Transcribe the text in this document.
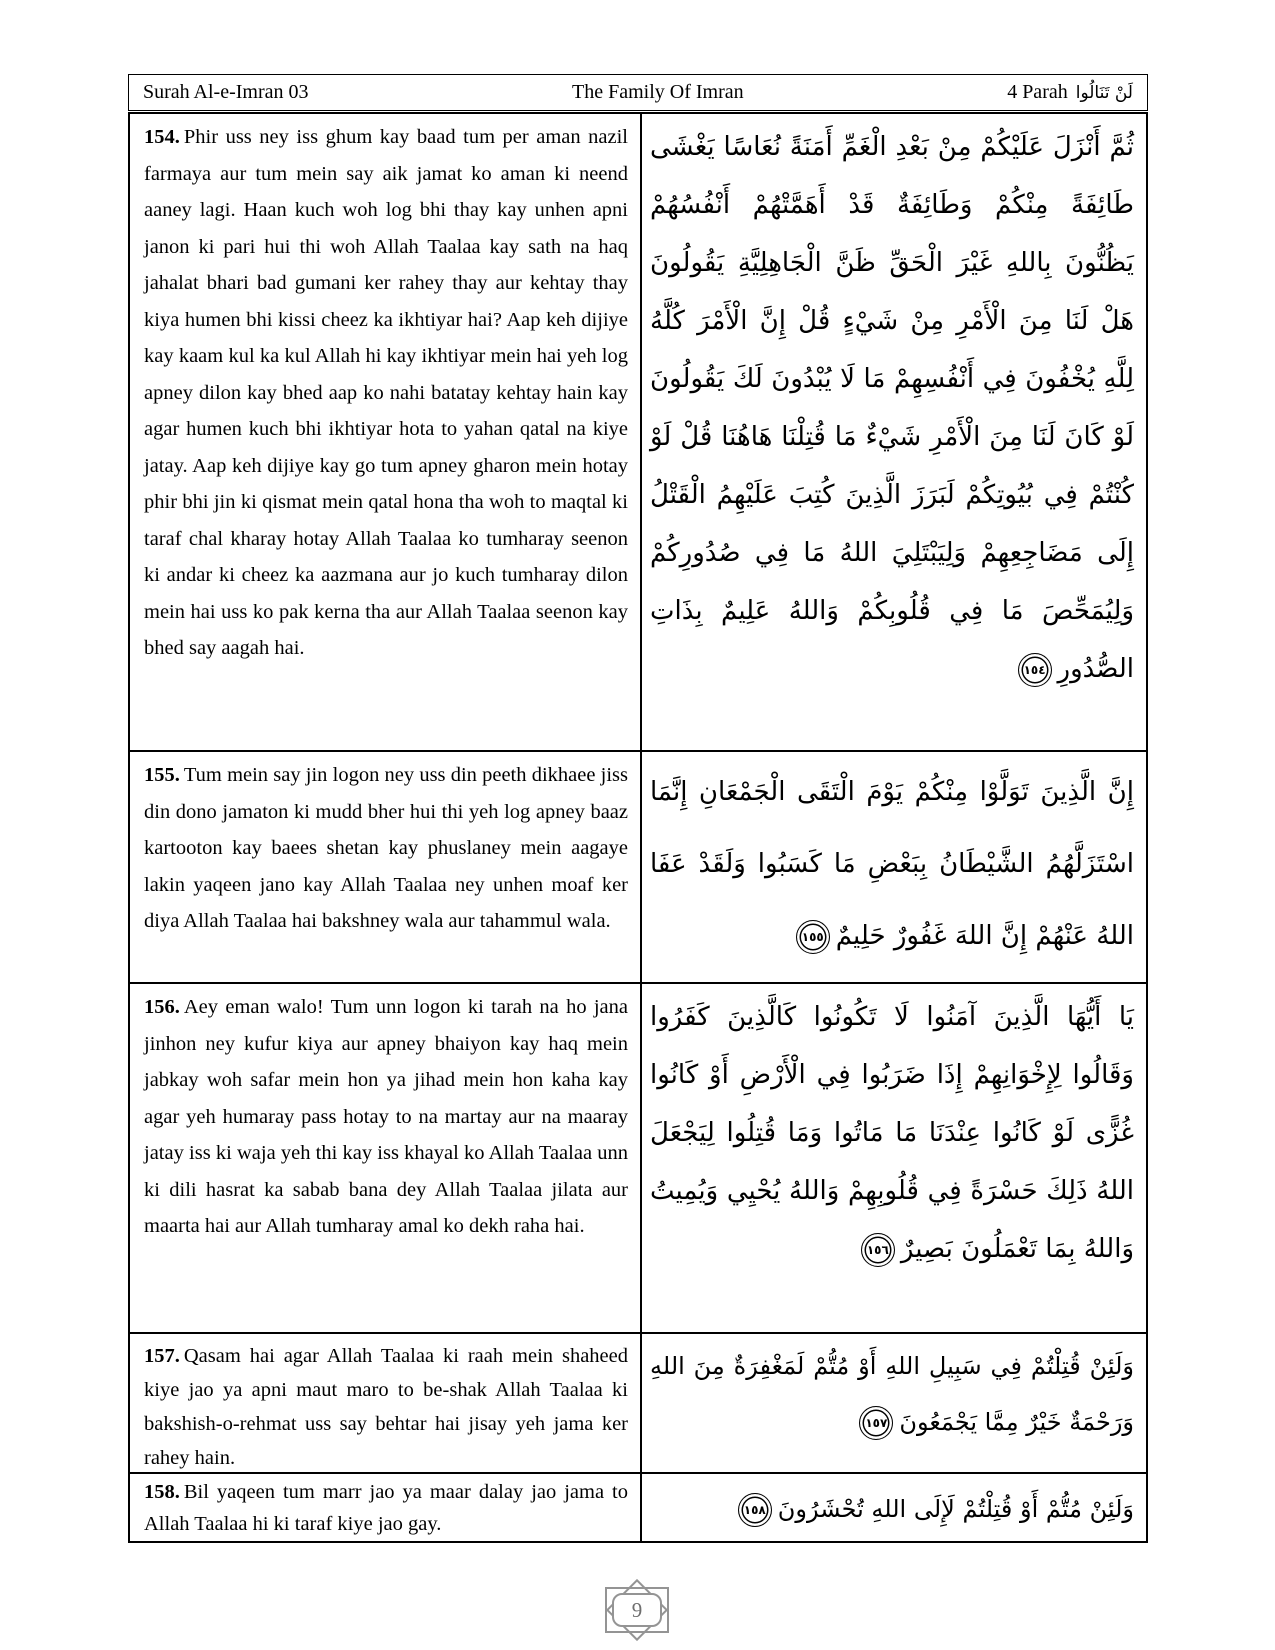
Surah Al-e-Imran 03	The Family Of Imran	4 Parah لَنْ تَنَالُوا

154. Phir uss ney iss ghum kay baad tum per aman nazil farmaya aur tum mein say aik jamat ko aman ki neend aaney lagi. Haan kuch woh log bhi thay kay unhen apni janon ki pari hui thi woh Allah Taalaa kay sath na haq jahalat bhari bad gumani ker rahey thay aur kehtay thay kiya humen bhi kissi cheez ka ikhtiyar hai? Aap keh dijiye kay kaam kul ka kul Allah hi kay ikhtiyar mein hai yeh log apney dilon kay bhed aap ko nahi batatay kehtay hain kay agar humen kuch bhi ikhtiyar hota to yahan qatal na kiye jatay. Aap keh dijiye kay go tum apney gharon mein hotay phir bhi jin ki qismat mein qatal hona tha woh to maqtal ki taraf chal kharay hotay Allah Taalaa ko tumharay seenon ki andar ki cheez ka aazmana aur jo kuch tumharay dilon mein hai uss ko pak kerna tha aur Allah Taalaa seenon kay bhed say aagah hai.

ثُمَّ أَنْزَلَ عَلَيْكُمْ مِنْ بَعْدِ الْغَمِّ أَمَنَةً نُعَاسًا يَغْشَى طَائِفَةً مِنْكُمْ وَطَائِفَةٌ قَدْ أَهَمَّتْهُمْ أَنْفُسُهُمْ يَظُنُّونَ بِاللهِ غَيْرَ الْحَقِّ ظَنَّ الْجَاهِلِيَّةِ يَقُولُونَ هَلْ لَنَا مِنَ الْأَمْرِ مِنْ شَيْءٍ قُلْ إِنَّ الْأَمْرَ كُلَّهُ لِلَّهِ يُخْفُونَ فِي أَنْفُسِهِمْ مَا لَا يُبْدُونَ لَكَ يَقُولُونَ لَوْ كَانَ لَنَا مِنَ الْأَمْرِ شَيْءٌ مَا قُتِلْنَا هَاهُنَا قُلْ لَوْ كُنْتُمْ فِي بُيُوتِكُمْ لَبَرَزَ الَّذِينَ كُتِبَ عَلَيْهِمُ الْقَتْلُ إِلَى مَضَاجِعِهِمْ وَلِيَبْتَلِيَ اللهُ مَا فِي صُدُورِكُمْ وَلِيُمَحِّصَ مَا فِي قُلُوبِكُمْ وَاللهُ عَلِيمٌ بِذَاتِ الصُّدُورِ
١٥٤

155. Tum mein say jin logon ney uss din peeth dikhaee jiss din dono jamaton ki mudd bher hui thi yeh log apney baaz kartooton kay baees shetan kay phuslaney mein aagaye lakin yaqeen jano kay Allah Taalaa ney unhen moaf ker diya Allah Taalaa hai bakshney wala aur tahammul wala.

إِنَّ الَّذِينَ تَوَلَّوْا مِنْكُمْ يَوْمَ الْتَقَى الْجَمْعَانِ إِنَّمَا اسْتَزَلَّهُمُ الشَّيْطَانُ بِبَعْضِ مَا كَسَبُوا وَلَقَدْ عَفَا اللهُ عَنْهُمْ إِنَّ اللهَ غَفُورٌ حَلِيمٌ
١٥٥

156. Aey eman walo! Tum unn logon ki tarah na ho jana jinhon ney kufur kiya aur apney bhaiyon kay haq mein jabkay woh safar mein hon ya jihad mein hon kaha kay agar yeh humaray pass hotay to na martay aur na maaray jatay iss ki waja yeh thi kay iss khayal ko Allah Taalaa unn ki dili hasrat ka sabab bana dey Allah Taalaa jilata aur maarta hai aur Allah tumharay amal ko dekh raha hai.

يَا أَيُّهَا الَّذِينَ آمَنُوا لَا تَكُونُوا كَالَّذِينَ كَفَرُوا وَقَالُوا لِإِخْوَانِهِمْ إِذَا ضَرَبُوا فِي الْأَرْضِ أَوْ كَانُوا غُزًّى لَوْ كَانُوا عِنْدَنَا مَا مَاتُوا وَمَا قُتِلُوا لِيَجْعَلَ اللهُ ذَلِكَ حَسْرَةً فِي قُلُوبِهِمْ وَاللهُ يُحْيِي وَيُمِيتُ وَاللهُ بِمَا تَعْمَلُونَ بَصِيرٌ
١٥٦

157. Qasam hai agar Allah Taalaa ki raah mein shaheed kiye jao ya apni maut maro to be-shak Allah Taalaa ki bakshish-o-rehmat uss say behtar hai jisay yeh jama ker rahey hain.

وَلَئِنْ قُتِلْتُمْ فِي سَبِيلِ اللهِ أَوْ مُتُّمْ لَمَغْفِرَةٌ مِنَ اللهِ وَرَحْمَةٌ خَيْرٌ مِمَّا يَجْمَعُونَ
١٥٧

158. Bil yaqeen tum marr jao ya maar dalay jao jama to Allah Taalaa hi ki taraf kiye jao gay.

وَلَئِنْ مُتُّمْ أَوْ قُتِلْتُمْ لَإِلَى اللهِ تُحْشَرُونَ
١٥٨

9
